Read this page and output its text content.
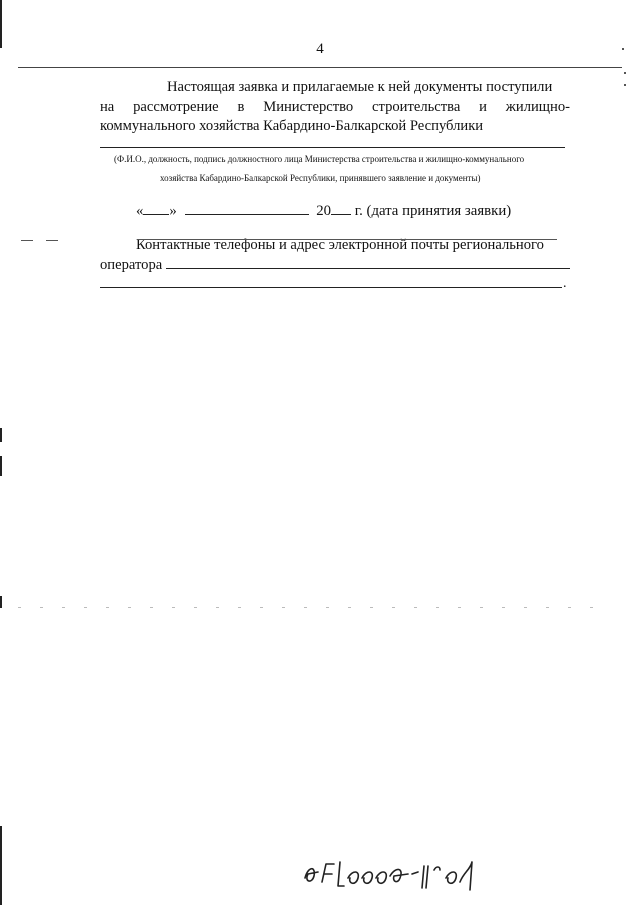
4
Настоящая заявка и прилагаемые к ней документы поступили
на рассмотрение в Министерство строительства и жилищно-
коммунального хозяйства Кабардино-Балкарской Республики
(Ф.И.О., должность, подпись должностного лица Министерства строительства и жилищно-коммунального
хозяйства Кабардино-Балкарской Республики, принявшего заявление и документы)
« »	20 г. (дата принятия заявки)
Контактные телефоны и адрес электронной почты регионального
оператора
.
